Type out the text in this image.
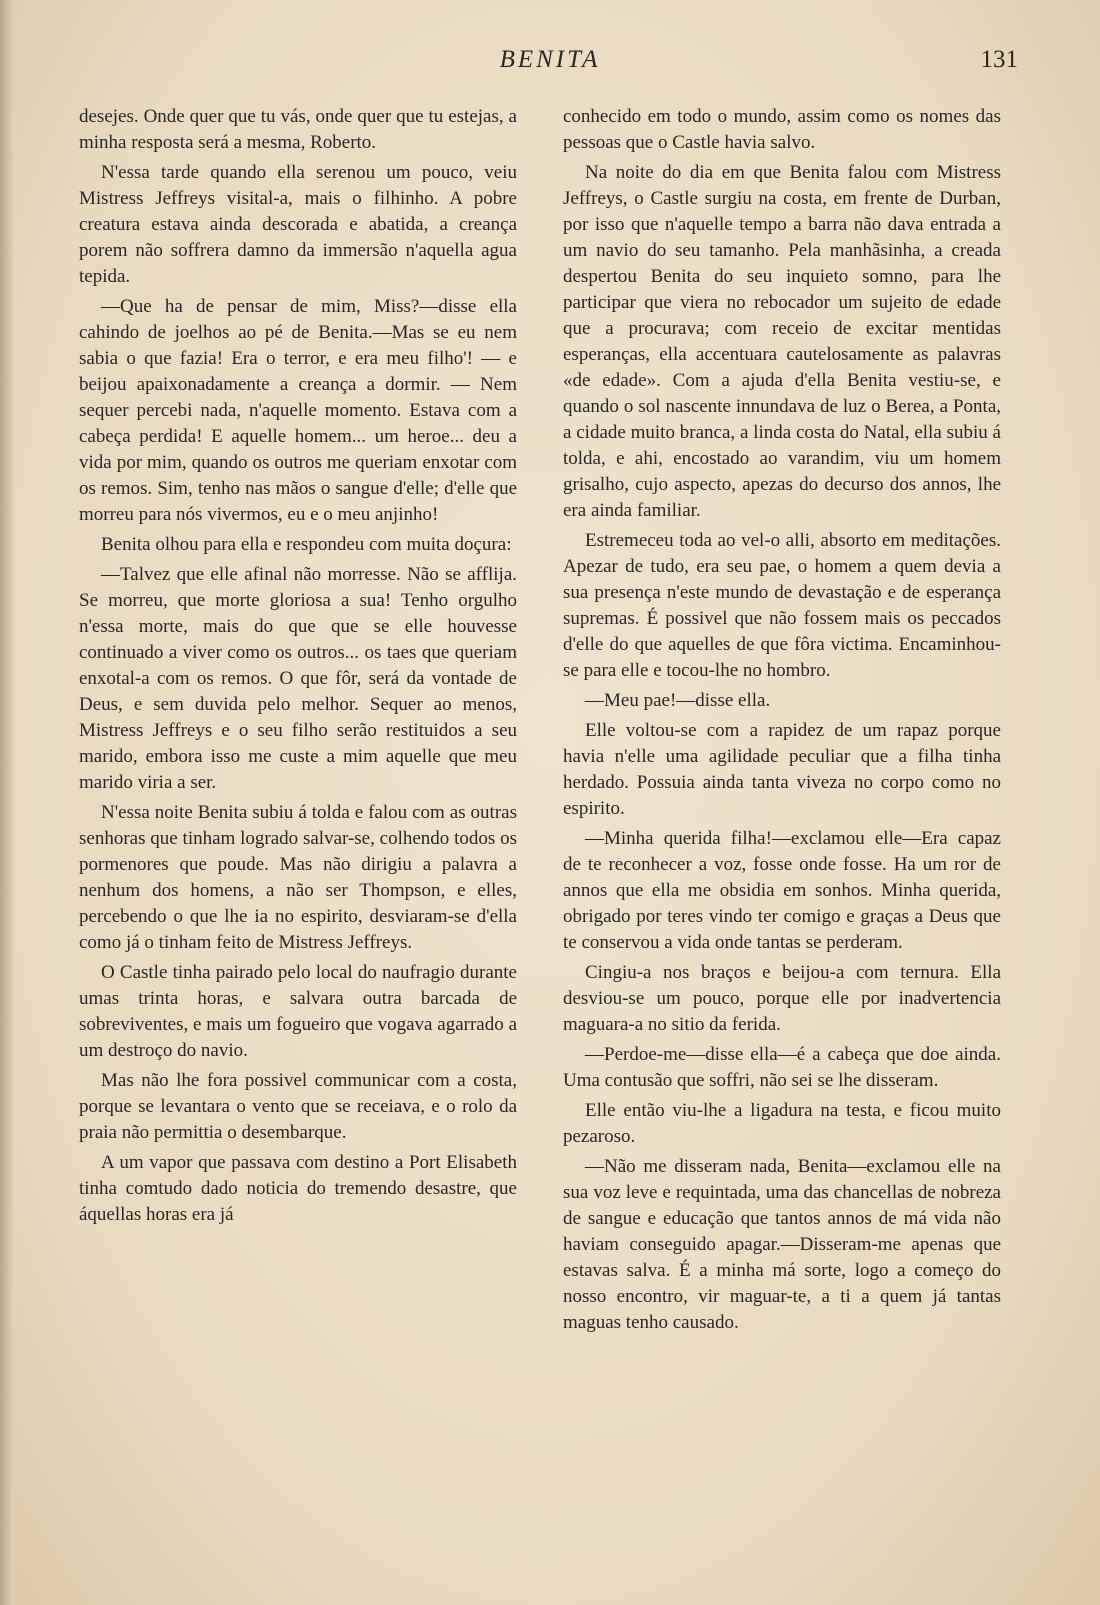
BENITA	131

desejes. Onde quer que tu vás, onde quer que tu estejas, a minha resposta será a mesma, Roberto.

N'essa tarde quando ella serenou um pouco, veiu Mistress Jeffreys visital-a, mais o filhinho. A pobre creatura estava ainda descorada e abatida, a creança porem não soffrera damno da immersão n'aquella agua tepida.

—Que ha de pensar de mim, Miss?—disse ella cahindo de joelhos ao pé de Benita.—Mas se eu nem sabia o que fazia! Era o terror, e era meu filho'! — e beijou apaixonadamente a creança a dormir. — Nem sequer percebi nada, n'aquelle momento. Estava com a cabeça perdida! E aquelle homem... um heroe... deu a vida por mim, quando os outros me queriam enxotar com os remos. Sim, tenho nas mãos o sangue d'elle; d'elle que morreu para nós vivermos, eu e o meu anjinho!

Benita olhou para ella e respondeu com muita doçura:

—Talvez que elle afinal não morresse. Não se afflija. Se morreu, que morte gloriosa a sua! Tenho orgulho n'essa morte, mais do que que se elle houvesse continuado a viver como os outros... os taes que queriam enxotal-a com os remos. O que fôr, será da vontade de Deus, e sem duvida pelo melhor. Sequer ao menos, Mistress Jeffreys e o seu filho serão restituidos a seu marido, embora isso me custe a mim aquelle que meu marido viria a ser.

N'essa noite Benita subiu á tolda e falou com as outras senhoras que tinham logrado salvar-se, colhendo todos os pormenores que poude. Mas não dirigiu a palavra a nenhum dos homens, a não ser Thompson, e elles, percebendo o que lhe ia no espirito, desviaram-se d'ella como já o tinham feito de Mistress Jeffreys.

O Castle tinha pairado pelo local do naufragio durante umas trinta horas, e salvara outra barcada de sobreviventes, e mais um fogueiro que vogava agarrado a um destroço do navio.

Mas não lhe fora possivel communicar com a costa, porque se levantara o vento que se receiava, e o rolo da praia não permittia o desembarque.

A um vapor que passava com destino a Port Elisabeth tinha comtudo dado noticia do tremendo desastre, que áquellas horas era já

conhecido em todo o mundo, assim como os nomes das pessoas que o Castle havia salvo.

Na noite do dia em que Benita falou com Mistress Jeffreys, o Castle surgiu na costa, em frente de Durban, por isso que n'aquelle tempo a barra não dava entrada a um navio do seu tamanho. Pela manhãsinha, a creada despertou Benita do seu inquieto somno, para lhe participar que viera no rebocador um sujeito de edade que a procurava; com receio de excitar mentidas esperanças, ella accentuara cautelosamente as palavras «de edade». Com a ajuda d'ella Benita vestiu-se, e quando o sol nascente innundava de luz o Berea, a Ponta, a cidade muito branca, a linda costa do Natal, ella subiu á tolda, e ahi, encostado ao varandim, viu um homem grisalho, cujo aspecto, apezas do decurso dos annos, lhe era ainda familiar.

Estremeceu toda ao vel-o alli, absorto em meditações. Apezar de tudo, era seu pae, o homem a quem devia a sua presença n'este mundo de devastação e de esperança supremas. É possivel que não fossem mais os peccados d'elle do que aquelles de que fôra victima. Encaminhou-se para elle e tocou-lhe no hombro.

—Meu pae!—disse ella.

Elle voltou-se com a rapidez de um rapaz porque havia n'elle uma agilidade peculiar que a filha tinha herdado. Possuia ainda tanta viveza no corpo como no espirito.

—Minha querida filha!—exclamou elle—Era capaz de te reconhecer a voz, fosse onde fosse. Ha um ror de annos que ella me obsidia em sonhos. Minha querida, obrigado por teres vindo ter comigo e graças a Deus que te conservou a vida onde tantas se perderam.

Cingiu-a nos braços e beijou-a com ternura. Ella desviou-se um pouco, porque elle por inadvertencia maguara-a no sitio da ferida.

—Perdoe-me—disse ella—é a cabeça que doe ainda. Uma contusão que soffri, não sei se lhe disseram.

Elle então viu-lhe a ligadura na testa, e ficou muito pezaroso.

—Não me disseram nada, Benita—exclamou elle na sua voz leve e requintada, uma das chancellas de nobreza de sangue e educação que tantos annos de má vida não haviam conseguido apagar.—Disseram-me apenas que estavas salva. É a minha má sorte, logo a começo do nosso encontro, vir maguar-te, a ti a quem já tantas maguas tenho causado.
